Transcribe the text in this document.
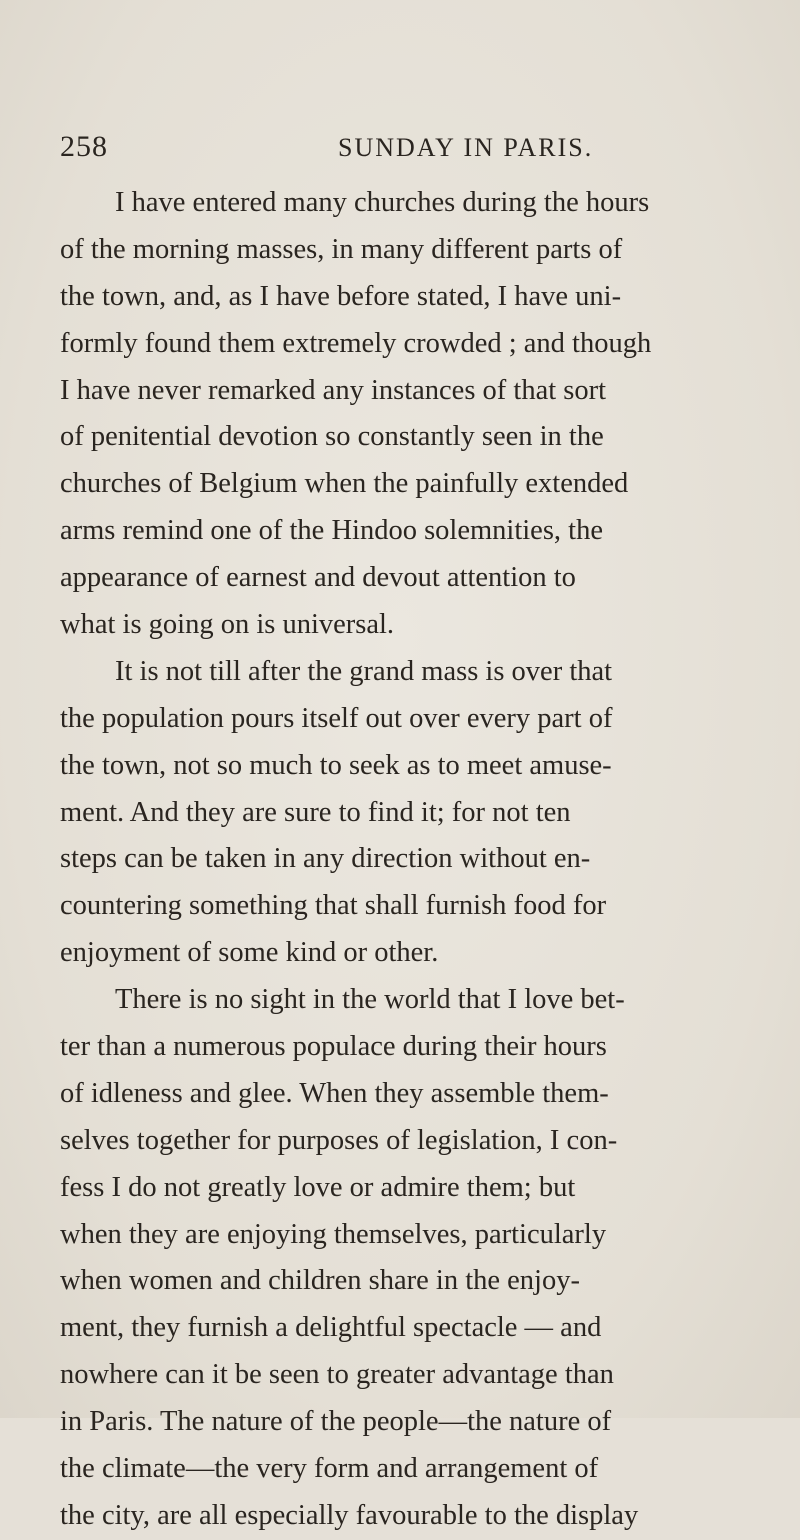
258	SUNDAY IN PARIS.
I have entered many churches during the hours
of the morning masses, in many different parts of
the town, and, as I have before stated, I have uni-
formly found them extremely crowded ; and though
I have never remarked any instances of that sort
of penitential devotion so constantly seen in the
churches of Belgium when the painfully extended
arms remind one of the Hindoo solemnities, the
appearance of earnest and devout attention to
what is going on is universal.
It is not till after the grand mass is over that
the population pours itself out over every part of
the town, not so much to seek as to meet amuse-
ment. And they are sure to find it; for not ten
steps can be taken in any direction without en-
countering something that shall furnish food for
enjoyment of some kind or other.
There is no sight in the world that I love bet-
ter than a numerous populace during their hours
of idleness and glee. When they assemble them-
selves together for purposes of legislation, I con-
fess I do not greatly love or admire them; but
when they are enjoying themselves, particularly
when women and children share in the enjoy-
ment, they furnish a delightful spectacle — and
nowhere can it be seen to greater advantage than
in Paris. The nature of the people—the nature of
the climate—the very form and arrangement of
the city, are all especially favourable to the display
